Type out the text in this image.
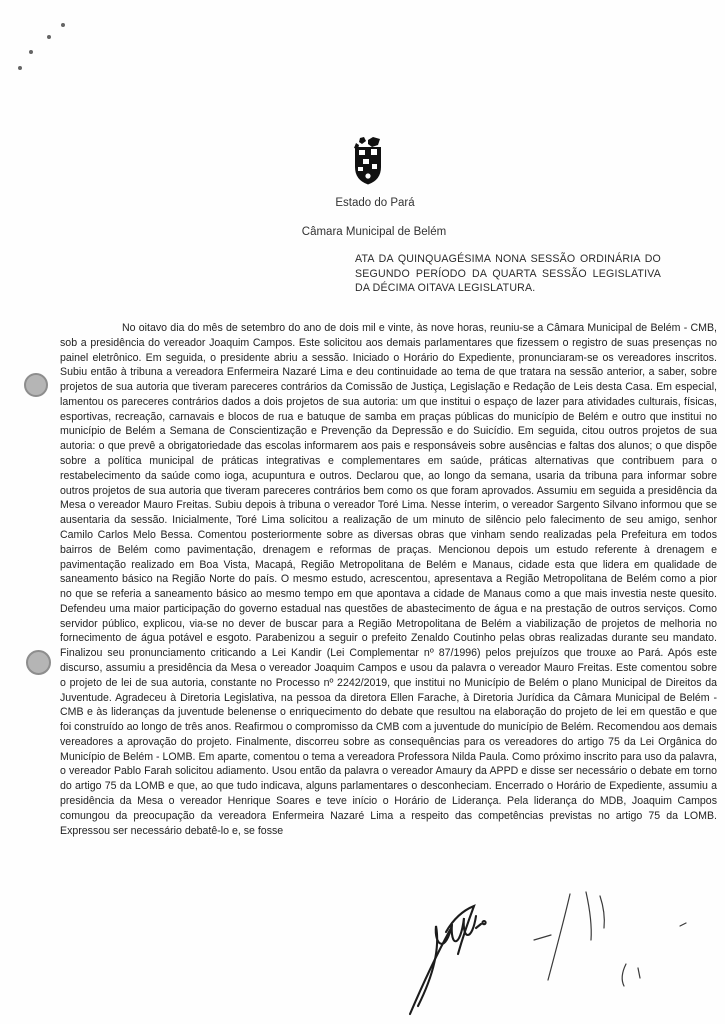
Estado do Pará
Câmara Municipal de Belém
ATA DA QUINQUAGÉSIMA NONA SESSÃO ORDINÁRIA DO SEGUNDO PERÍODO DA QUARTA SESSÃO LEGISLATIVA DA DÉCIMA OITAVA LEGISLATURA.

No oitavo dia do mês de setembro do ano de dois mil e vinte, às nove horas, reuniu-se a Câmara Municipal de Belém - CMB, sob a presidência do vereador Joaquim Campos. Este solicitou aos demais parlamentares que fizessem o registro de suas presenças no painel eletrônico. Em seguida, o presidente abriu a sessão. Iniciado o Horário do Expediente, pronunciaram-se os vereadores inscritos. Subiu então à tribuna a vereadora Enfermeira Nazaré Lima e deu continuidade ao tema de que tratara na sessão anterior, a saber, sobre projetos de sua autoria que tiveram pareceres contrários da Comissão de Justiça, Legislação e Redação de Leis desta Casa. Em especial, lamentou os pareceres contrários dados a dois projetos de sua autoria: um que institui o espaço de lazer para atividades culturais, físicas, esportivas, recreação, carnavais e blocos de rua e batuque de samba em praças públicas do município de Belém e outro que institui no município de Belém a Semana de Conscientização e Prevenção da Depressão e do Suicídio. Em seguida, citou outros projetos de sua autoria: o que prevê a obrigatoriedade das escolas informarem aos pais e responsáveis sobre ausências e faltas dos alunos; o que dispõe sobre a política municipal de práticas integrativas e complementares em saúde, práticas alternativas que contribuem para o restabelecimento da saúde como ioga, acupuntura e outros. Declarou que, ao longo da semana, usaria da tribuna para informar sobre outros projetos de sua autoria que tiveram pareceres contrários bem como os que foram aprovados. Assumiu em seguida a presidência da Mesa o vereador Mauro Freitas. Subiu depois à tribuna o vereador Toré Lima. Nesse ínterim, o vereador Sargento Silvano informou que se ausentaria da sessão. Inicialmente, Toré Lima solicitou a realização de um minuto de silêncio pelo falecimento de seu amigo, senhor Camilo Carlos Melo Bessa. Comentou posteriormente sobre as diversas obras que vinham sendo realizadas pela Prefeitura em todos bairros de Belém como pavimentação, drenagem e reformas de praças. Mencionou depois um estudo referente à drenagem e pavimentação realizado em Boa Vista, Macapá, Região Metropolitana de Belém e Manaus, cidade esta que lidera em qualidade de saneamento básico na Região Norte do país. O mesmo estudo, acrescentou, apresentava a Região Metropolitana de Belém como a pior no que se referia a saneamento básico ao mesmo tempo em que apontava a cidade de Manaus como a que mais investia neste quesito. Defendeu uma maior participação do governo estadual nas questões de abastecimento de água e na prestação de outros serviços. Como servidor público, explicou, via-se no dever de buscar para a Região Metropolitana de Belém a viabilização de projetos de melhoria no fornecimento de água potável e esgoto. Parabenizou a seguir o prefeito Zenaldo Coutinho pelas obras realizadas durante seu mandato. Finalizou seu pronunciamento criticando a Lei Kandir (Lei Complementar nº 87/1996) pelos prejuízos que trouxe ao Pará. Após este discurso, assumiu a presidência da Mesa o vereador Joaquim Campos e usou da palavra o vereador Mauro Freitas. Este comentou sobre o projeto de lei de sua autoria, constante no Processo nº 2242/2019, que institui no Município de Belém o plano Municipal de Direitos da Juventude. Agradeceu à Diretoria Legislativa, na pessoa da diretora Ellen Farache, à Diretoria Jurídica da Câmara Municipal de Belém - CMB e às lideranças da juventude belenense o enriquecimento do debate que resultou na elaboração do projeto de lei em questão e que foi construído ao longo de três anos. Reafirmou o compromisso da CMB com a juventude do município de Belém. Recomendou aos demais vereadores a aprovação do projeto. Finalmente, discorreu sobre as consequências para os vereadores do artigo 75 da Lei Orgânica do Município de Belém - LOMB. Em aparte, comentou o tema a vereadora Professora Nilda Paula. Como próximo inscrito para uso da palavra, o vereador Pablo Farah solicitou adiamento. Usou então da palavra o vereador Amaury da APPD e disse ser necessário o debate em torno do artigo 75 da LOMB e que, ao que tudo indicava, alguns parlamentares o desconheciam. Encerrado o Horário de Expediente, assumiu a presidência da Mesa o vereador Henrique Soares e teve início o Horário de Liderança. Pela liderança do MDB, Joaquim Campos comungou da preocupação da vereadora Enfermeira Nazaré Lima a respeito das competências previstas no artigo 75 da LOMB. Expressou ser necessário debatê-lo e, se fosse
